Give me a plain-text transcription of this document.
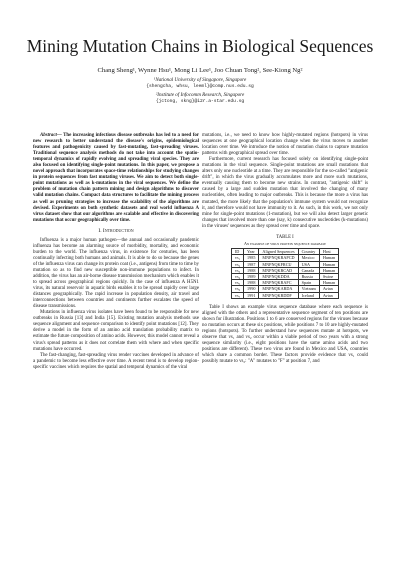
Mining Mutation Chains in Biological Sequences
Chang Sheng¹, Wynne Hsu¹, Mong Li Lee¹, Joo Chuan Tong², See-Kiong Ng²
¹National University of Singapore, Singapore
{shengcha, whsu, leeml}@comp.nus.edu.sg
²Institute of Infocomm Research, Singapore
{jctong, skng}@i2r.a-star.edu.sg

Abstract— The increasing infectious disease outbreaks has led to a need for new research to better understand the disease's origins, epidemiological features and pathogenicity caused by fast-mutating, fast-spreading viruses. Traditional sequence analysis methods do not take into account the spatio-temporal dynamics of rapidly evolving and spreading viral species. They are also focused on identifying single-point mutations. In this paper, we propose a novel approach that incorporates space-time relationships for studying changes in protein sequences from fast mutating viruses. We aim to detect both single-point mutations as well as k-mutations in the viral sequences. We define the problem of mutation chain pattern mining and design algorithms to discover valid mutation chains. Compact data structures to facilitate the mining process as well as pruning strategies to increase the scalability of the algorithms are devised. Experiments on both synthetic datasets and real world influenza A virus dataset show that our algorithms are scalable and effective in discovering mutations that occur geographically over time.

I. Introduction

Influenza is a major human pathogen—the annual and occasionally pandemic influenza has become an alarming source of morbidity, mortality, and economic burden to the world. The influenza virus, in existence for centuries, has been continually infecting both humans and animals. It is able to do so because the genes of the influenza virus can change its protein coat (i.e., antigens) from time to time by mutation so as to find new susceptible non-immune populations to infect. In addition, the virus has an air-borne disease transmission mechanism which enables it to spread across geographical regions quickly. In the case of influenza A H5N1 virus, its natural reservoir in aquatic birds enables it to be spread rapidly over large distances geographically. The rapid increase in population density, air travel and interconnections between countries and continents further escalates the speed of disease transmissions.

Mutations in influenza virus isolates have been found to be responsible for new outbreaks in Russia [13] and India [15]. Existing mutation analysis methods use sequence alignment and sequence comparison to identify point mutations [12]. They derive a model in the form of an amino acid translation probability matrix to estimate the future composition of amino acids. However, this model cannot reveal a virus's spread patterns as it does not correlate them with where and when specific mutations have occurred.

The fast-changing, fast-spreading virus render vaccines developed in advance of a pandemic to become less effective over time. A recent trend is to develop region-specific vaccines which requires the spatial and temporal dynamics of the viral

mutations, i.e., we need to know how highly-mutated regions (hotspots) in virus sequences at one geographical location change when the virus moves to another location over time. We introduce the notion of mutation chains to capture mutation patterns with geographical spread over time.

Furthermore, current research has focused solely on identifying single-point mutations in the viral sequence. Single-point mutations are small mutations that alters only one nucleotide at a time. They are responsible for the so-called "antigenic drift", in which the virus gradually accumulates more and more such mutations, eventually causing them to become new strains. In contrast, "antigenic shift" is caused by a large and sudden mutation that involved the changing of many nucleotides, often leading to major outbreaks. This is because the more a virus has mutated, the more likely that the population's immune system would not recognize it, and therefore would not have immunity to it. As such, in this work, we not only mine for single-point mutations (1-mutation), but we will also detect larger genetic changes that involved more than one (say, k) consecutive nucleotides (k-mutations) in the viruses' sequences as they spread over time and space.

TABLE I
An example of virus protein sequence database
ID	Year	Aligned Sequences	Country	Host
vs₁	1985	MNPNQKRAPCD	Mexico	Human
vs₂	1987	MNPNQKFRCU	USA	Human
vs₃	1988	MNPNQKRCAD	Canada	Human
vs₄	1989	MNPNQKDDA	Russia	Swine
vs₅	1988	MNPNQKRAFC	Spain	Human
vs₆	1990	MNPNQKARDA	Vietnam	Avian
vs₇	1991	MNPNQKRDDF	Iceland	Avian

Table I shows an example virus sequence database where each sequence is aligned with the others and a representative sequence segment of ten positions are shown for illustration. Positions 1 to 6 are conserved regions for the viruses because no mutation occurs at these six positions, while positions 7 to 10 are highly-mutated regions (hotspots). To further understand how sequences mutate at hotspots, we observe that vs₁ and vs₂ occur within a viable period of two years with a strong sequence similarity (i.e., eight positions have the same amino acids and two positions are different). These two virus are found in Mexico and USA, countries which share a common border. These factors provide evidence that vs₁ could possibly mutate to vs₂: "A" mutates to "F" at position 7, and
